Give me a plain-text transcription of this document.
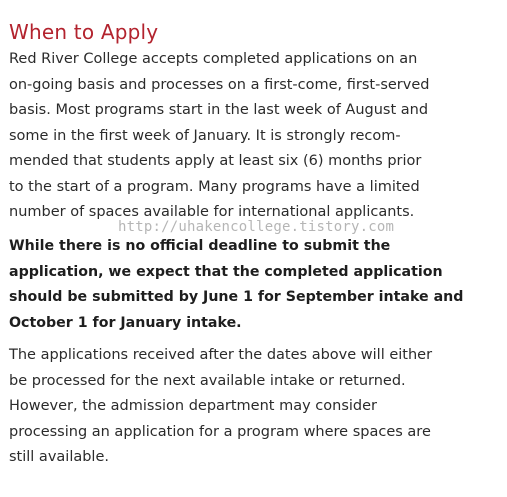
When to Apply
Red River College accepts completed applications on an
on-going basis and processes on a first-come, first-served
basis. Most programs start in the last week of August and
some in the first week of January. It is strongly recom-
mended that students apply at least six (6) months prior
to the start of a program. Many programs have a limited
number of spaces available for international applicants.
While there is no official deadline to submit the
application, we expect that the completed application
should be submitted by June 1 for September intake and
October 1 for January intake.
The applications received after the dates above will either
be processed for the next available intake or returned.
However, the admission department may consider
processing an application for a program where spaces are
still available.
http://uhakencollege.tistory.com
